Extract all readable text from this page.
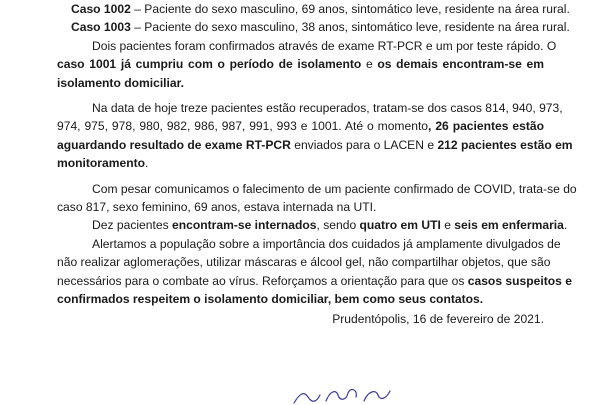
Caso 1002 – Paciente do sexo masculino, 69 anos, sintomático leve, residente na área rural.
Caso 1003 – Paciente do sexo masculino, 38 anos, sintomático leve, residente na área rural.
Dois pacientes foram confirmados através de exame RT-PCR e um por teste rápido. O
caso 1001 já cumpriu com o período de isolamento e os demais encontram-se em
isolamento domiciliar.
Na data de hoje treze pacientes estão recuperados, tratam-se dos casos 814, 940, 973,
974, 975, 978, 980, 982, 986, 987, 991, 993 e 1001. Até o momento, 26 pacientes estão
aguardando resultado de exame RT-PCR enviados para o LACEN e 212 pacientes estão em
monitoramento.
Com pesar comunicamos o falecimento de um paciente confirmado de COVID, trata-se do
caso 817, sexo feminino, 69 anos, estava internada na UTI.
Dez pacientes encontram-se internados, sendo quatro em UTI e seis em enfermaria.
Alertamos a população sobre a importância dos cuidados já amplamente divulgados de
não realizar aglomerações, utilizar máscaras e álcool gel, não compartilhar objetos, que são
necessários para o combate ao vírus. Reforçamos a orientação para que os casos suspeitos e
confirmados respeitem o isolamento domiciliar, bem como seus contatos.
Prudentópolis, 16 de fevereiro de 2021.
